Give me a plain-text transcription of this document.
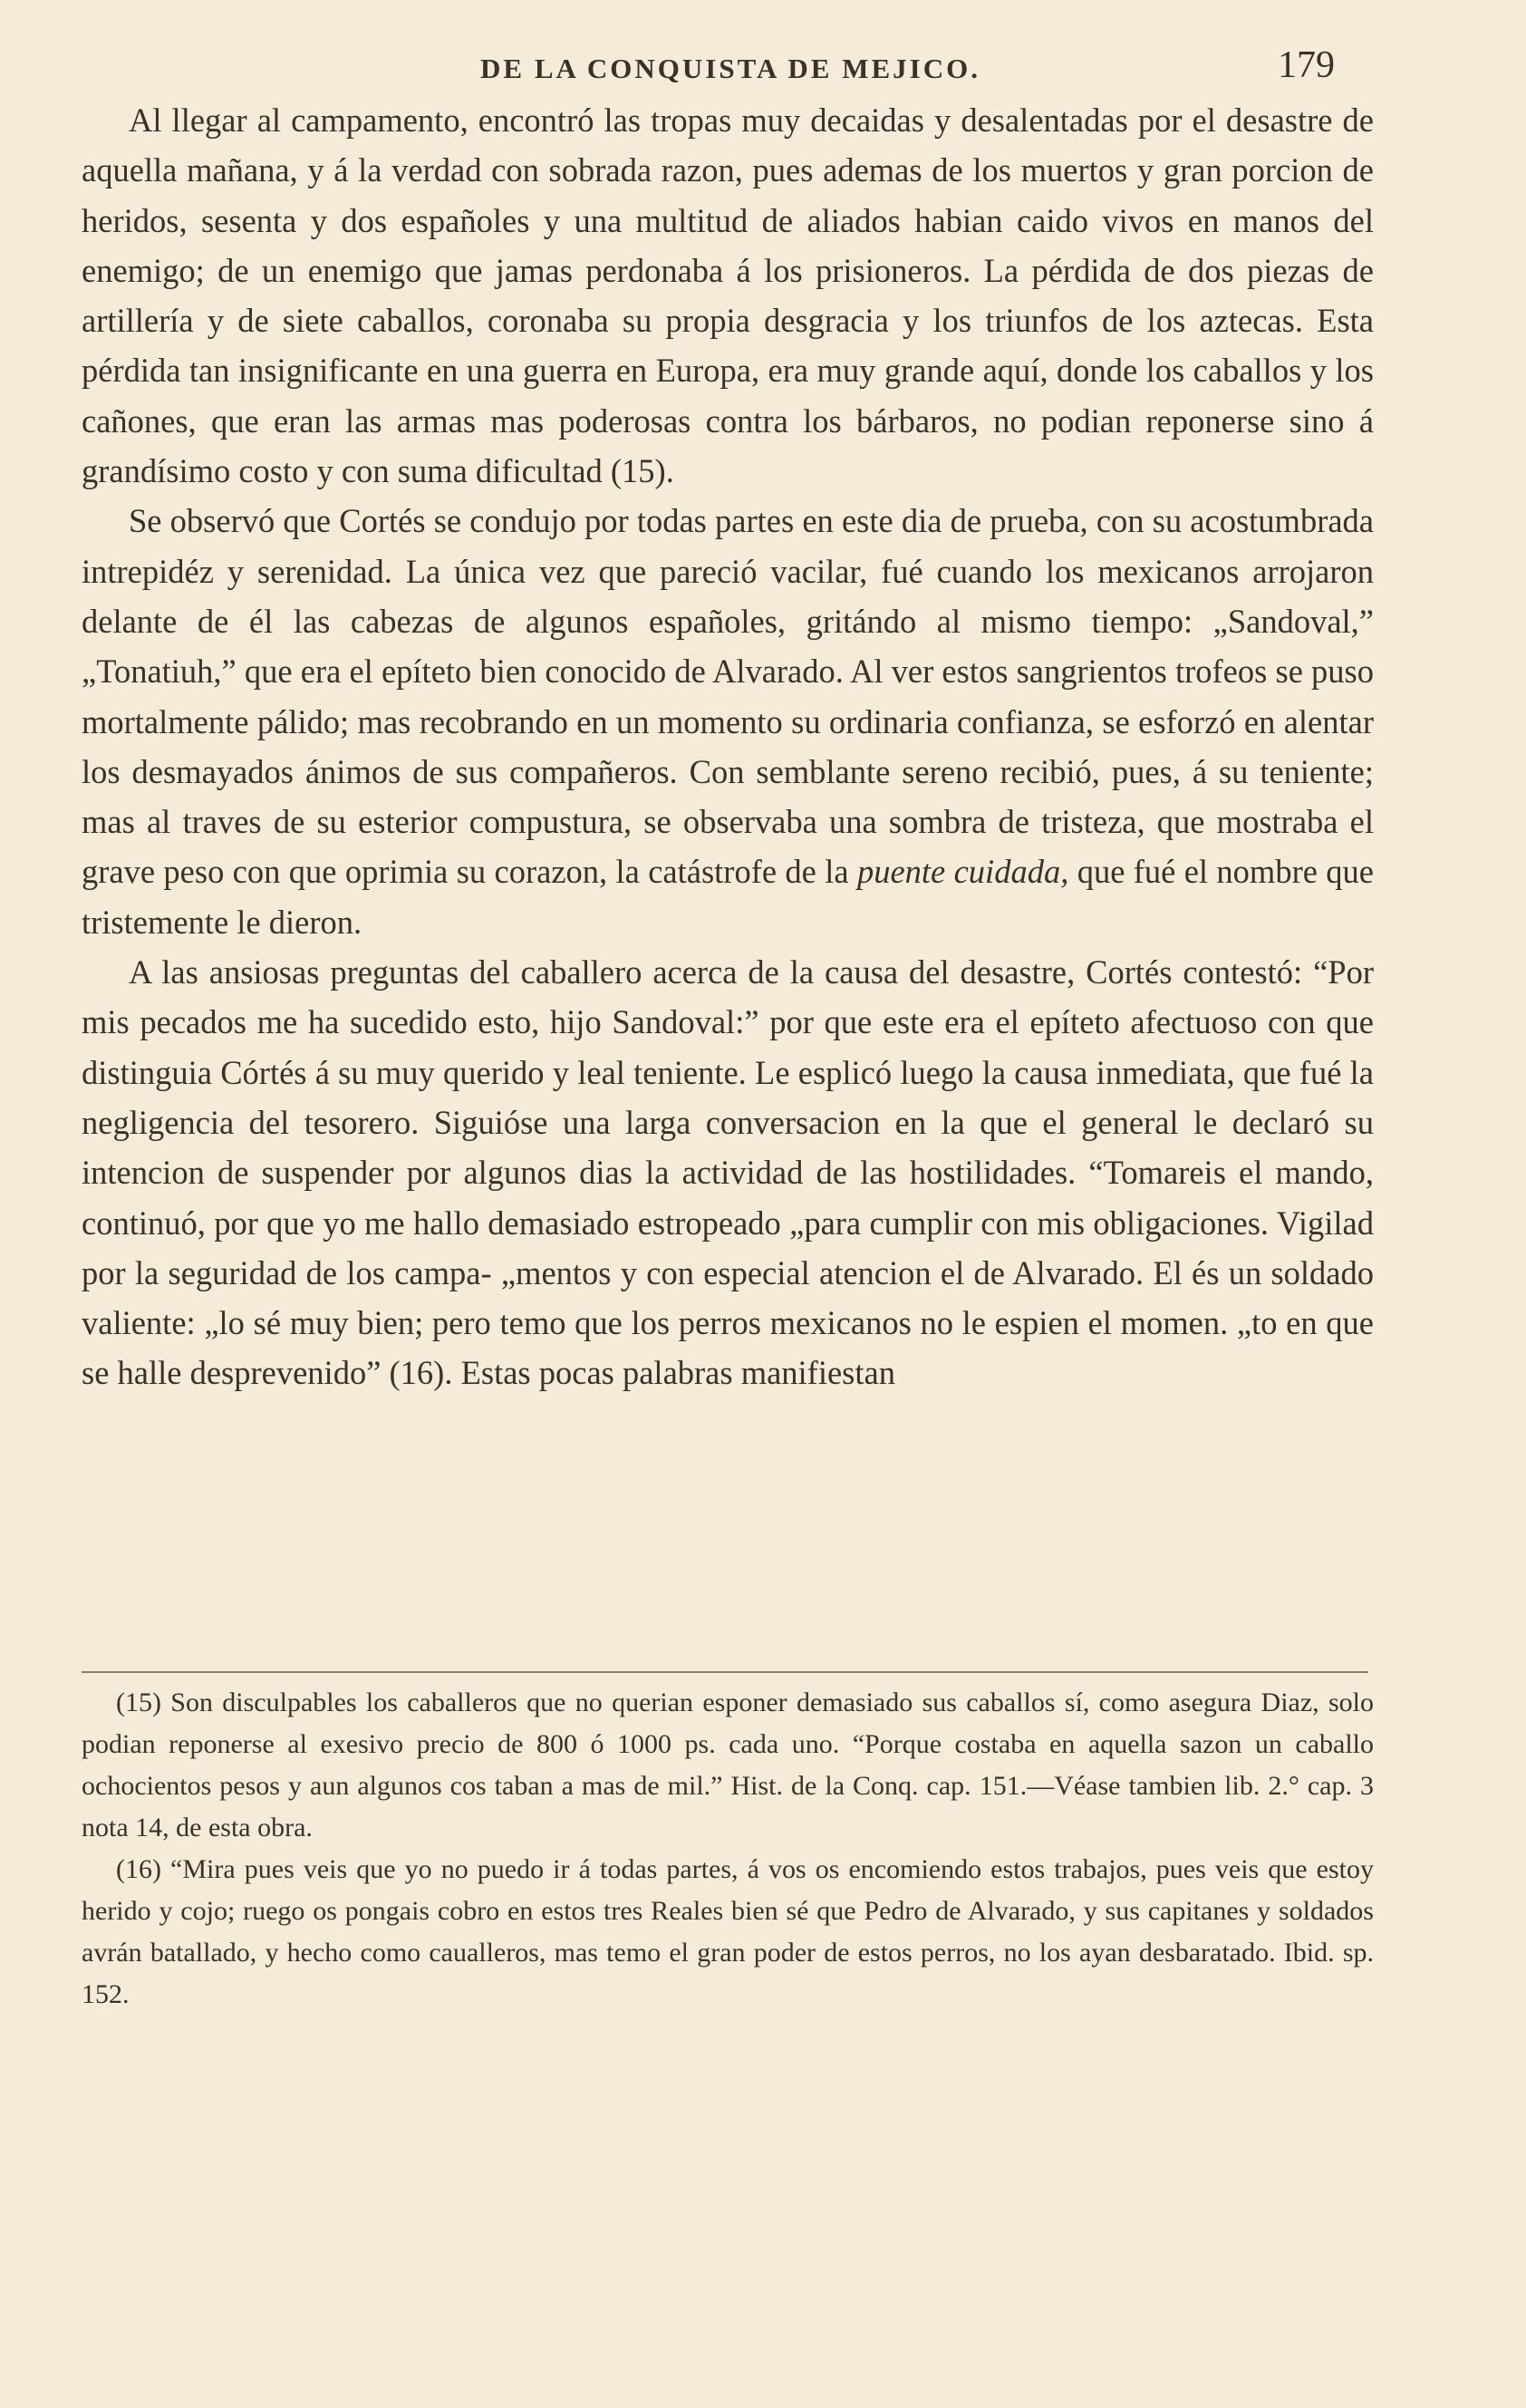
DE LA CONQUISTA DE MEJICO.	179

Al llegar al campamento, encontró las tropas muy decaidas y desalentadas por el desastre de aquella mañana, y á la verdad con sobrada razon, pues ademas de los muertos y gran porcion de heridos, sesenta y dos españoles y una multitud de aliados habian caido vivos en manos del enemigo; de un enemigo que jamas perdonaba á los prisioneros. La pérdida de dos piezas de artillería y de siete caballos, coronaba su propia desgracia y los triunfos de los aztecas. Esta pérdida tan insignificante en una guerra en Europa, era muy grande aquí, donde los caballos y los cañones, que eran las armas mas poderosas contra los bárbaros, no podian reponerse sino á grandísimo costo y con suma dificultad (15).

Se observó que Cortés se condujo por todas partes en este dia de prueba, con su acostumbrada intrepidéz y serenidad. La única vez que pareció vacilar, fué cuando los mexicanos arrojaron delante de él las cabezas de algunos españoles, gritándo al mismo tiempo: „Sandoval,” „Tonatiuh,” que era el epíteto bien conocido de Alvarado. Al ver estos sangrientos trofeos se puso mortalmente pálido; mas recobrando en un momento su ordinaria confianza, se esforzó en alentar los desmayados ánimos de sus compañeros. Con semblante sereno recibió, pues, á su teniente; mas al traves de su esterior compustura, se observaba una sombra de tristeza, que mostraba el grave peso con que oprimia su corazon, la catástrofe de la puente cuidada, que fué el nombre que tristemente le dieron.

A las ansiosas preguntas del caballero acerca de la causa del desastre, Cortés contestó: “Por mis pecados me ha sucedido esto, hijo Sandoval:” por que este era el epíteto afectuoso con que distinguia Córtés á su muy querido y leal teniente. Le esplicó luego la causa inmediata, que fué la negligencia del tesorero. Siguióse una larga conversacion en la que el general le declaró su intencion de suspender por algunos dias la actividad de las hostilidades. “Tomareis el mando, continuó, por que yo me hallo demasiado estropeado „para cumplir con mis obligaciones. Vigilad por la seguridad de los campa- „mentos y con especial atencion el de Alvarado. El és un soldado valiente: „lo sé muy bien; pero temo que los perros mexicanos no le espien el momen. „to en que se halle desprevenido” (16). Estas pocas palabras manifiestan

(15) Son disculpables los caballeros que no querian esponer demasiado sus caballos sí, como asegura Diaz, solo podian reponerse al exesivo precio de 800 ó 1000 ps. cada uno. “Porque costaba en aquella sazon un caballo ochocientos pesos y aun algunos cos taban a mas de mil.” Hist. de la Conq. cap. 151.—Véase tambien lib. 2.° cap. 3 nota 14, de esta obra.

(16) “Mira pues veis que yo no puedo ir á todas partes, á vos os encomiendo estos trabajos, pues veis que estoy herido y cojo; ruego os pongais cobro en estos tres Reales bien sé que Pedro de Alvarado, y sus capitanes y soldados avrán batallado, y hecho como caualleros, mas temo el gran poder de estos perros, no los ayan desbaratado. Ibid. sp. 152.
